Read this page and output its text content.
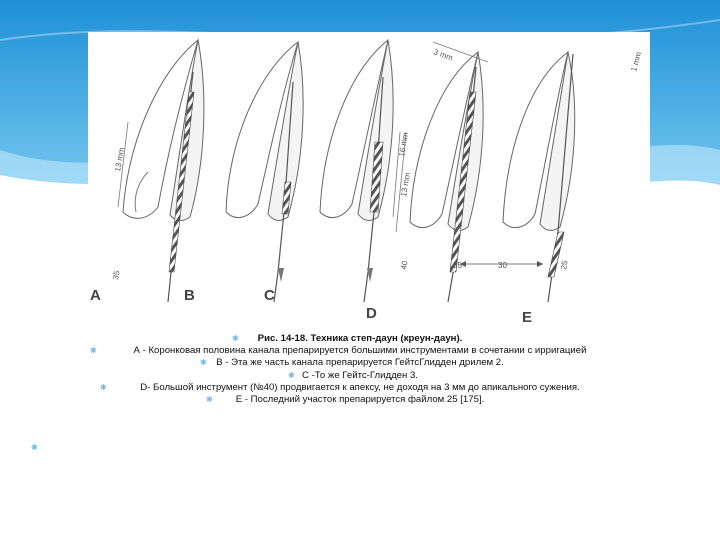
A
13 mm
35
B	C
13 mm
D
3 mm
16 mm
40	35	30
E
1 mm
25
❋ Рис. 14-18. Техника степ-даун (креун-даун).
❋	А - Коронковая половина канала препарируется большими инструментами в сочетании с ирригацией
❋ В - Эта же часть канала препарируется ГейтсГлидден дрилем 2.
❋ С -То же Гейтс-Глидден 3.
❋	D- Большой инструмент (№40) продвигается к апексу, не доходя на 3 мм до апикального сужения.
❋ Е - Последний участок препарируется файлом 25 [175].
❋
